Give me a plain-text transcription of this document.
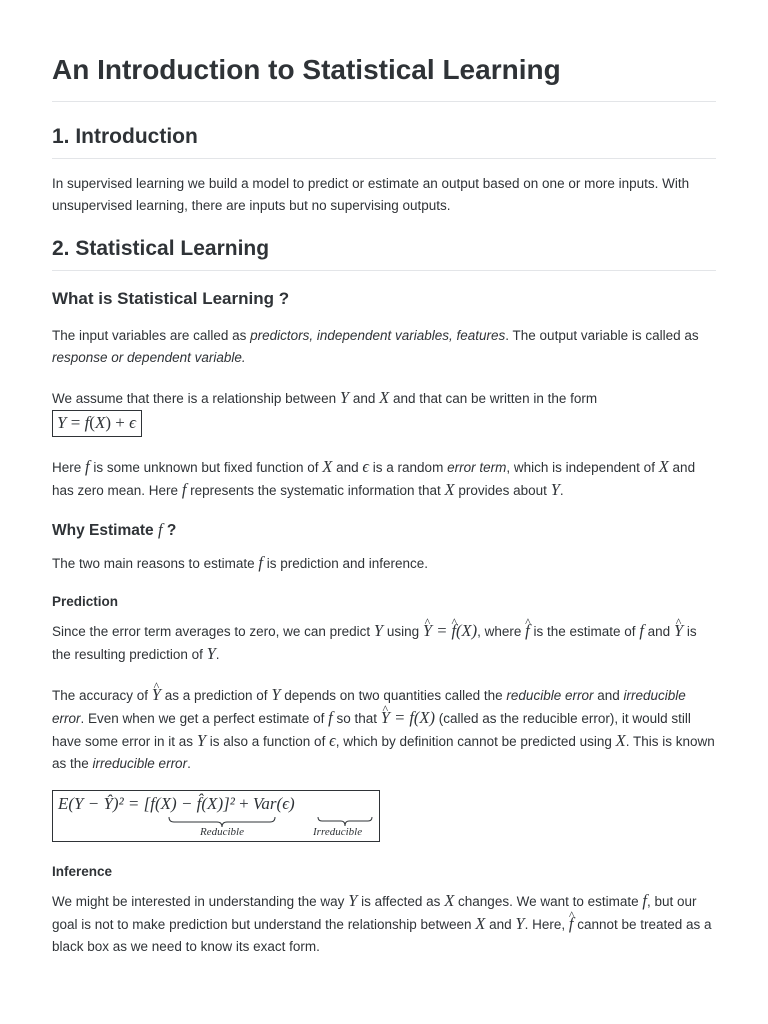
An Introduction to Statistical Learning
1. Introduction

In supervised learning we build a model to predict or estimate an output based on one or more inputs. With unsupervised learning, there are inputs but no supervising outputs.

2. Statistical Learning
What is Statistical Learning ?

The input variables are called as predictors, independent variables, features. The output variable is called as response or dependent variable.

We assume that there is a relationship between Y and X and that can be written in the form

Y = f(X) + ϵ

Here f is some unknown but fixed function of X and ϵ is a random error term, which is independent of X and has zero mean. Here f represents the systematic information that X provides about Y.

Why Estimate f ?

The two main reasons to estimate f is prediction and inference.

Prediction

Since the error term averages to zero, we can predict Y using ^ Y = ^ f(X), where ^ f is the estimate of f and ^ Y is the resulting prediction of Y.

The accuracy of ^ Y as a prediction of Y depends on two quantities called the reducible error and irreducible error. Even when we get a perfect estimate of f so that ^ Y = f(X) (called as the reducible error), it would still have some error in it as Y is also a function of ϵ, which by definition cannot be predicted using X. This is known as the irreducible error.

E(Y − Ŷ)² = [f(X) − f̂(X)]² + Var(ϵ)
Reducible	Irreducible
Inference

We might be interested in understanding the way Y is affected as X changes. We want to estimate f, but our goal is not to make prediction but understand the relationship between X and Y. Here, ^ f cannot be treated as a black box as we need to know its exact form.
